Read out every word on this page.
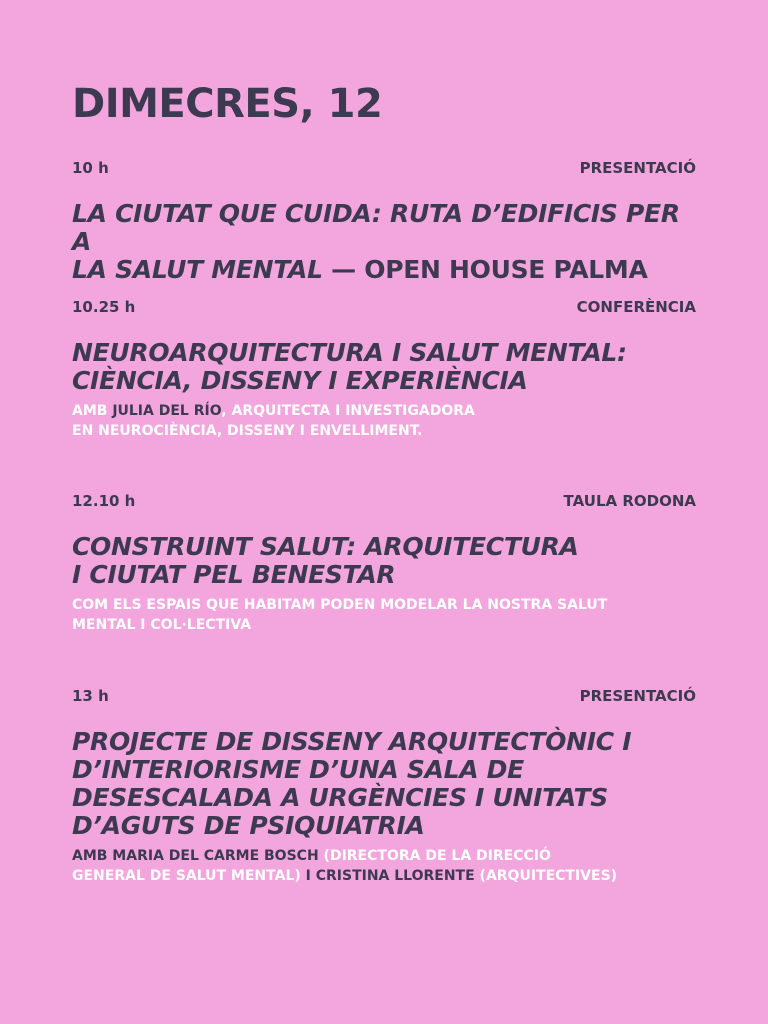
DIMECRES, 12
10 h	PRESENTACIÓ
LA CIUTAT QUE CUIDA: RUTA D’EDIFICIS PER A
LA SALUT MENTAL — OPEN HOUSE PALMA
10.25 h	CONFERÈNCIA
NEUROARQUITECTURA I SALUT MENTAL:
CIÈNCIA, DISSENY I EXPERIÈNCIA

AMB JULIA DEL RÍO, ARQUITECTA I INVESTIGADORA
EN NEUROCIÈNCIA, DISSENY I ENVELLIMENT.

12.10 h	TAULA RODONA
CONSTRUINT SALUT: ARQUITECTURA
I CIUTAT PEL BENESTAR

COM ELS ESPAIS QUE HABITAM PODEN MODELAR LA NOSTRA SALUT
MENTAL I COL·LECTIVA

13 h	PRESENTACIÓ
PROJECTE DE DISSENY ARQUITECTÒNIC I
D’INTERIORISME D’UNA SALA DE
DESESCALADA A URGÈNCIES I UNITATS
D’AGUTS DE PSIQUIATRIA

AMB MARIA DEL CARME BOSCH (DIRECTORA DE LA DIRECCIÓ
GENERAL DE SALUT MENTAL) I CRISTINA LLORENTE (ARQUITECTIVES)
